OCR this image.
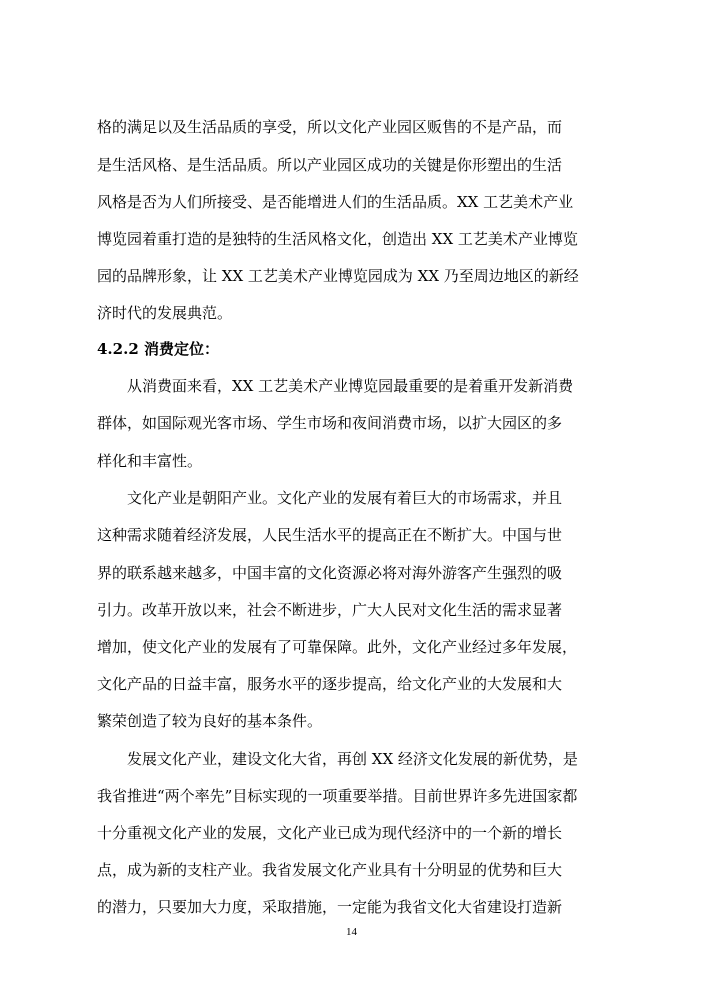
格的满足以及生活品质的享受，所以文化产业园区贩售的不是产品，而
是生活风格、是生活品质。所以产业园区成功的关键是你形塑出的生活
风格是否为人们所接受、是否能增进人们的生活品质。XX 工艺美术产业
博览园着重打造的是独特的生活风格文化，创造出 XX 工艺美术产业博览
园的品牌形象，让 XX 工艺美术产业博览园成为 XX 乃至周边地区的新经
济时代的发展典范。
4.2.2 消费定位：
从消费面来看，XX 工艺美术产业博览园最重要的是着重开发新消费
群体，如国际观光客市场、学生市场和夜间消费市场，以扩大园区的多
样化和丰富性。
文化产业是朝阳产业。文化产业的发展有着巨大的市场需求，并且
这种需求随着经济发展，人民生活水平的提高正在不断扩大。中国与世
界的联系越来越多，中国丰富的文化资源必将对海外游客产生强烈的吸
引力。改革开放以来，社会不断进步，广大人民对文化生活的需求显著
增加，使文化产业的发展有了可靠保障。此外，文化产业经过多年发展，
文化产品的日益丰富，服务水平的逐步提高，给文化产业的大发展和大
繁荣创造了较为良好的基本条件。
发展文化产业，建设文化大省，再创 XX 经济文化发展的新优势，是
我省推进“两个率先”目标实现的一项重要举措。目前世界许多先进国家都
十分重视文化产业的发展，文化产业已成为现代经济中的一个新的增长
点，成为新的支柱产业。我省发展文化产业具有十分明显的优势和巨大
的潜力，只要加大力度，采取措施，一定能为我省文化大省建设打造新
14
